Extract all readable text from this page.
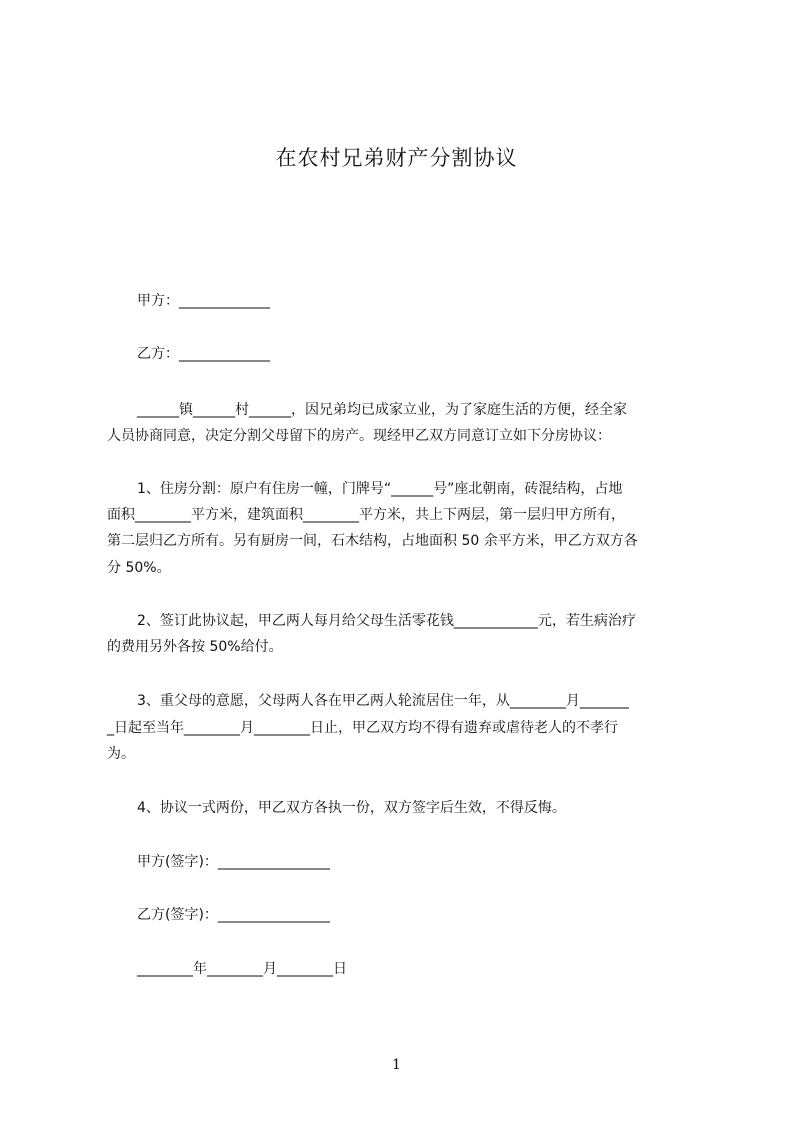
在农村兄弟财产分割协议
甲方：_____________
乙方：_____________
______镇______村______，因兄弟均已成家立业，为了家庭生活的方便，经全家
人员协商同意，决定分割父母留下的房产。现经甲乙双方同意订立如下分房协议：
1、住房分割：原户有住房一幢，门牌号“______号”座北朝南，砖混结构，占地
面积________平方米，建筑面积________平方米，共上下两层，第一层归甲方所有，
第二层归乙方所有。另有厨房一间，石木结构，占地面积 50 余平方米，甲乙方双方各
分 50%。
2、签订此协议起，甲乙两人每月给父母生活零花钱____________元，若生病治疗
的费用另外各按 50%给付。
3、重父母的意愿，父母两人各在甲乙两人轮流居住一年，从________月_______
_日起至当年________月________日止，甲乙双方均不得有遗弃或虐待老人的不孝行
为。
4、协议一式两份，甲乙双方各执一份，双方签字后生效，不得反悔。
甲方(签字)：________________
乙方(签字)：________________
________年________月________日
1
